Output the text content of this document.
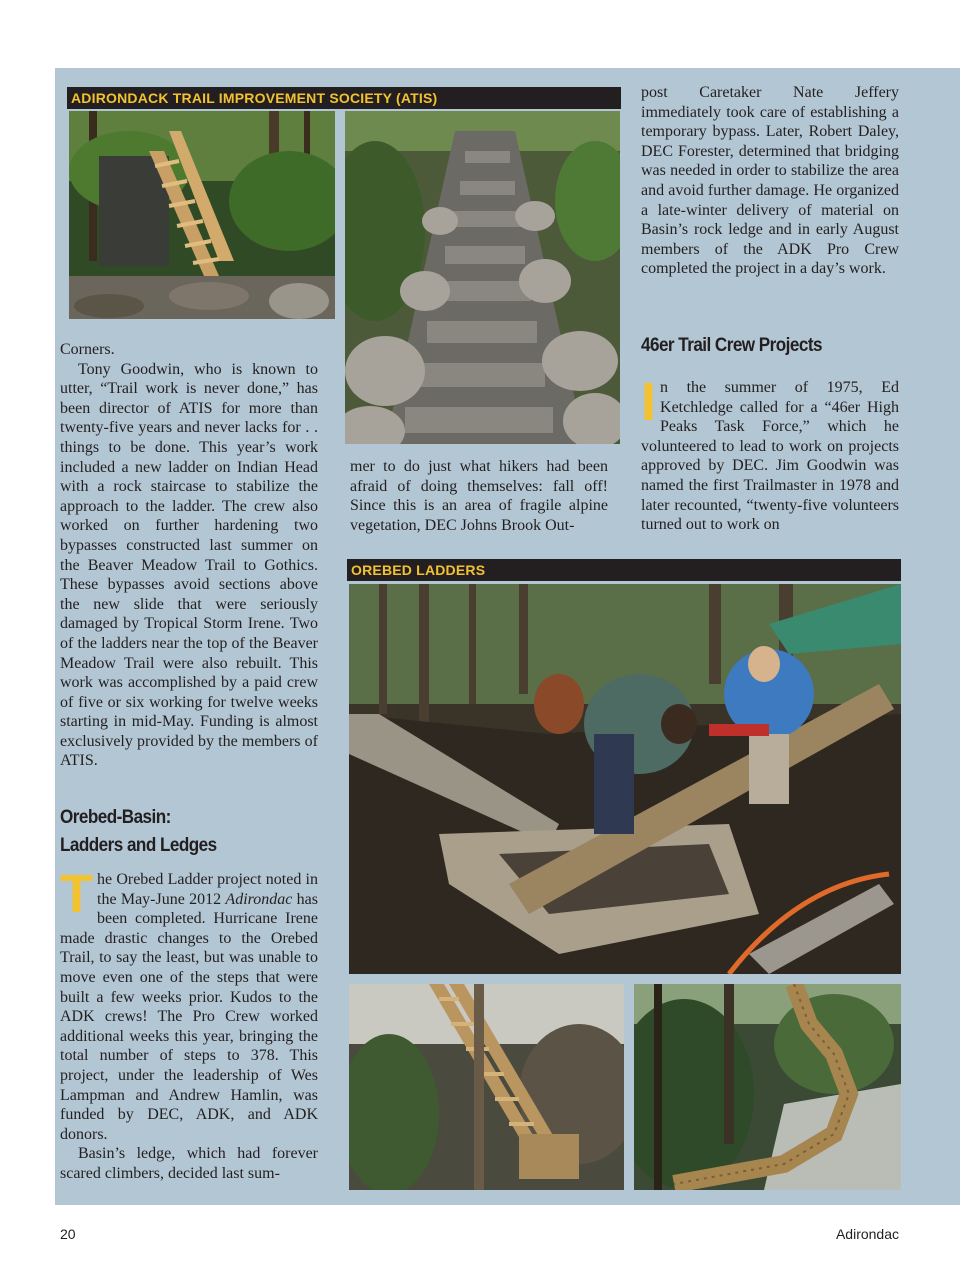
ADIRONDACK TRAIL IMPROVEMENT SOCIETY (ATIS)

Corners.

Tony Goodwin, who is known to utter, “Trail work is never done,” has been director of ATIS for more than twenty-five years and never lacks for . . things to be done. This year’s work included a new ladder on Indian Head with a rock staircase to stabilize the approach to the ladder. The crew also worked on further hardening two bypasses constructed last summer on the Beaver Meadow Trail to Gothics. These bypasses avoid sections above the new slide that were seriously damaged by Tropical Storm Irene. Two of the ladders near the top of the Beaver Meadow Trail were also rebuilt. This work was accomplished by a paid crew of five or six working for twelve weeks starting in mid-May. Funding is almost exclusively provided by the members of ATIS.

Orebed-Basin:
Ladders and Ledges

The Orebed Ladder project noted in the May-June 2012 Adirondac has been completed. Hurricane Irene made drastic changes to the Orebed Trail, to say the least, but was unable to move even one of the steps that were built a few weeks prior. Kudos to the ADK crews! The Pro Crew worked additional weeks this year, bringing the total number of steps to 378. This project, under the leadership of Wes Lampman and Andrew Hamlin, was funded by DEC, ADK, and ADK donors.

Basin’s ledge, which had forever scared climbers, decided last sum-

mer to do just what hikers had been afraid of doing themselves: fall off! Since this is an area of fragile alpine vegetation, DEC Johns Brook Out-

post Caretaker Nate Jeffery immediately took care of establishing a temporary bypass. Later, Robert Daley, DEC Forester, determined that bridging was needed in order to stabilize the area and avoid further damage. He organized a late-winter delivery of material on Basin’s rock ledge and in early August members of the ADK Pro Crew completed the project in a day’s work.

46er Trail Crew Projects

In the summer of 1975, Ed Ketchledge called for a “46er High Peaks Task Force,” which he volunteered to lead to work on projects approved by DEC. Jim Goodwin was named the first Trailmaster in 1978 and later recounted, “twenty-five volunteers turned out to work on

OREBED LADDERS
20	Adirondac
